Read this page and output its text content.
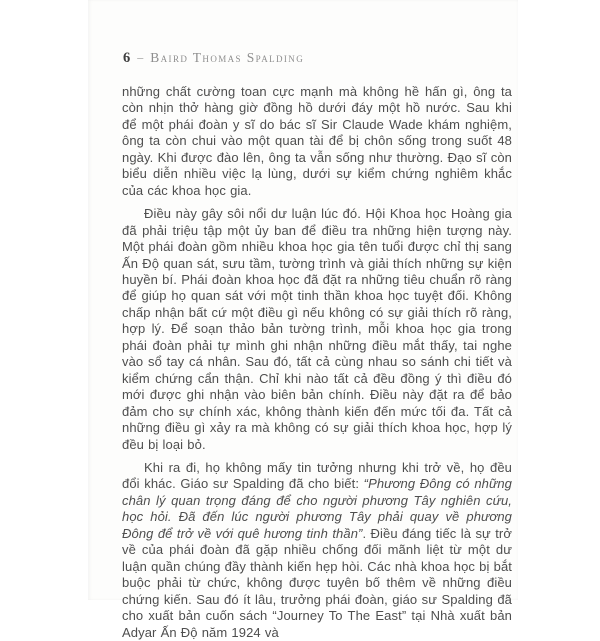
6 – Baird Thomas Spalding

những chất cường toan cực mạnh mà không hề hấn gì, ông ta còn nhịn thở hàng giờ đồng hồ dưới đáy một hồ nước. Sau khi để một phái đoàn y sĩ do bác sĩ Sir Claude Wade khám nghiệm, ông ta còn chui vào một quan tài để bị chôn sống trong suốt 48 ngày. Khi được đào lên, ông ta vẫn sống như thường. Đạo sĩ còn biểu diễn nhiều việc lạ lùng, dưới sự kiểm chứng nghiêm khắc của các khoa học gia.

Điều này gây sôi nổi dư luận lúc đó. Hội Khoa học Hoàng gia đã phải triệu tập một ủy ban để điều tra những hiện tượng này. Một phái đoàn gồm nhiều khoa học gia tên tuổi được chỉ thị sang Ấn Độ quan sát, sưu tầm, tường trình và giải thích những sự kiện huyền bí. Phái đoàn khoa học đã đặt ra những tiêu chuẩn rõ ràng để giúp họ quan sát với một tinh thần khoa học tuyệt đối. Không chấp nhận bất cứ một điều gì nếu không có sự giải thích rõ ràng, hợp lý. Để soạn thảo bản tường trình, mỗi khoa học gia trong phái đoàn phải tự mình ghi nhận những điều mắt thấy, tai nghe vào sổ tay cá nhân. Sau đó, tất cả cùng nhau so sánh chi tiết và kiểm chứng cẩn thận. Chỉ khi nào tất cả đều đồng ý thì điều đó mới được ghi nhận vào biên bản chính. Điều này đặt ra để bảo đảm cho sự chính xác, không thành kiến đến mức tối đa. Tất cả những điều gì xảy ra mà không có sự giải thích khoa học, hợp lý đều bị loại bỏ.

Khi ra đi, họ không mấy tin tưởng nhưng khi trở về, họ đều đổi khác. Giáo sư Spalding đã cho biết: “Phương Đông có những chân lý quan trọng đáng để cho người phương Tây nghiên cứu, học hỏi. Đã đến lúc người phương Tây phải quay về phương Đông để trở về với quê hương tinh thần”. Điều đáng tiếc là sự trở về của phái đoàn đã gặp nhiều chống đối mãnh liệt từ một dư luận quần chúng đầy thành kiến hẹp hòi. Các nhà khoa học bị bắt buộc phải từ chức, không được tuyên bố thêm về những điều chứng kiến. Sau đó ít lâu, trưởng phái đoàn, giáo sư Spalding đã cho xuất bản cuốn sách “Journey To The East” tại Nhà xuất bản Adyar Ấn Độ năm 1924 và
